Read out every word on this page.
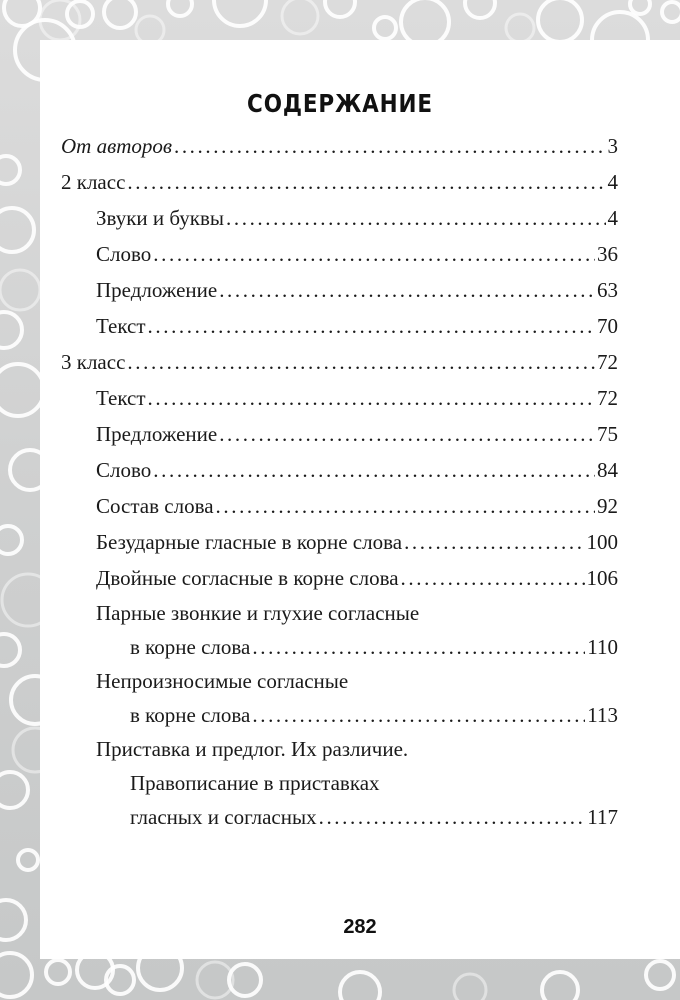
СОДЕРЖАНИЕ
От авторов .....	3
2 класс .....	4
Звуки и буквы .....	4
Слово .....	36
Предложение .....	63
Текст .....	70
3 класс .....	72
Текст .....	72
Предложение .....	75
Слово .....	84
Состав слова .....	92
Безударные гласные в корне слова .....	100
Двойные согласные в корне слова .....	106
Парные звонкие и глухие согласные
в корне слова .....	110
Непроизносимые согласные
в корне слова .....	113
Приставка и предлог. Их различие.
Правописание в приставках
гласных и согласных .....	117
282
